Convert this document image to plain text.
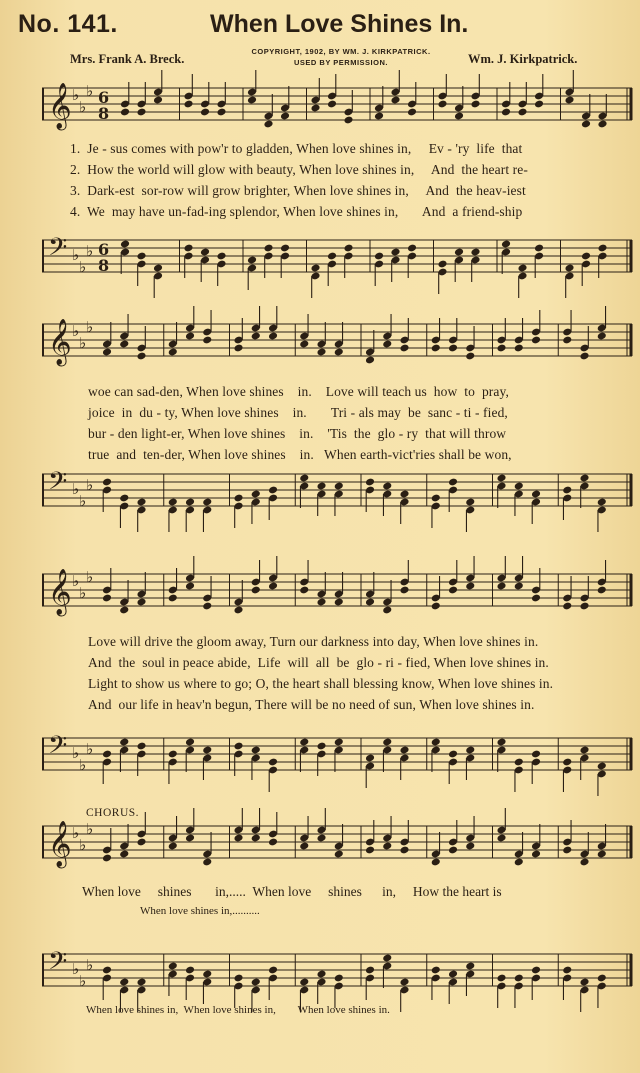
No. 141.	When Love Shines In.
Mrs. Frank A. Breck.
COPYRIGHT, 1902, BY WM. J. KIRKPATRICK.
USED BY PERMISSION.	Wm. J. Kirkpatrick.
𝄞 ♭
♭
♭ 6
8
𝄢 ♭
♭
♭ 6
8
𝄞 ♭
♭
♭
𝄢 ♭
♭
♭
𝄞 ♭
♭
♭
𝄢 ♭
♭
♭
𝄞 ♭
♭
♭
𝄢 ♭
♭
♭
1.  Je - sus comes with pow'r to gladden, When love shines in,     Ev - 'ry  life  that
2.  How the world will glow with beauty, When love shines in,     And  the heart re-
3.  Dark-est  sor-row will grow brighter, When love shines in,     And  the heav-iest
4.  We  may have un-fad-ing splendor, When love shines in,       And  a friend-ship
woe can sad-den, When love shines    in.    Love will teach us  how  to  pray,
joice  in  du - ty, When love shines    in.       Tri - als may  be  sanc - ti - fied,
bur - den light-er, When love shines    in.    'Tis  the  glo - ry  that will throw
true  and  ten-der, When love shines    in.   When earth-vict'ries shall be won,
Love will drive the gloom away, Turn our darkness into day, When love shines in.
And  the  soul in peace abide,  Life  will  all  be  glo - ri - fied, When love shines in.
Light to show us where to go; O, the heart shall blessing know, When love shines in.
And  our life in heav'n begun, There will be no need of sun, When love shines in.
CHORUS.
When love     shines       in,.....  When love     shines      in,     How the heart is
When love shines in,..........
When love shines in,  When love shines in,        When love shines in.
